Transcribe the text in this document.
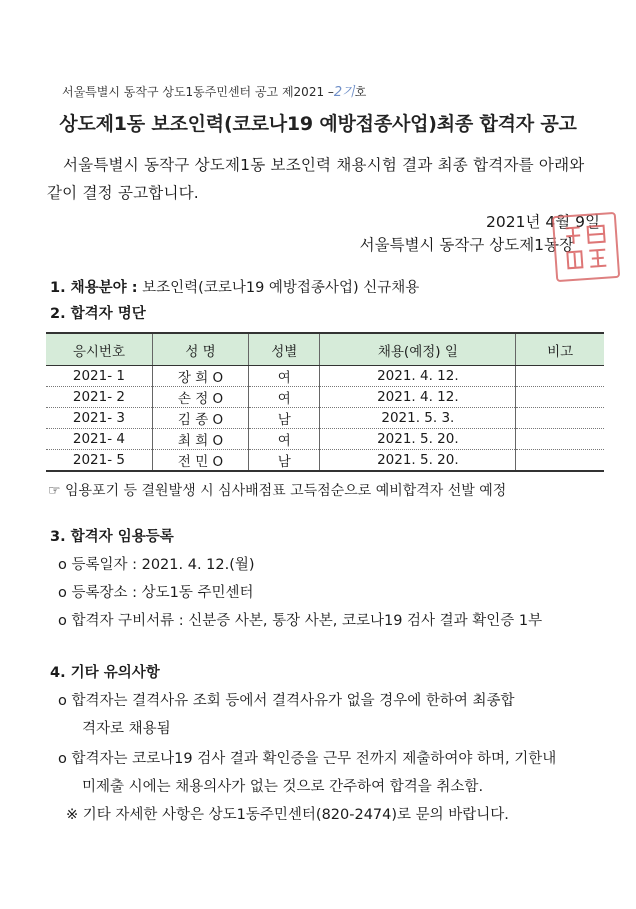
서울특별시 동작구 상도1동주민센터 공고 제2021 –2기호
상도제1동 보조인력(코로나19 예방접종사업)최종 합격자 공고
서울특별시 동작구 상도제1동 보조인력 채용시험 결과 최종 합격자를 아래와
같이 결정 공고합니다.
2021년 4월 9일
서울특별시 동작구 상도제1동장
1. 채용분야 : 보조인력(코로나19 예방접종사업) 신규채용
2. 합격자 명단
응시번호	성 명	성별	채용(예정) 일	비고
2021- 1	장 희 O	여	2021. 4. 12.	
2021- 2	손 정 O	여	2021. 4. 12.	
2021- 3	김 종 O	남	2021. 5. 3.	
2021- 4	최 희 O	여	2021. 5. 20.	
2021- 5	전 민 O	남	2021. 5. 20.	
☞ 임용포기 등 결원발생 시 심사배점표 고득점순으로 예비합격자 선발 예정
3. 합격자 임용등록
o 등록일자 : 2021. 4. 12.(월)
o 등록장소 : 상도1동 주민센터
o 합격자 구비서류 : 신분증 사본, 통장 사본, 코로나19 검사 결과 확인증 1부
4. 기타 유의사항
o 합격자는 결격사유 조회 등에서 결격사유가 없을 경우에 한하여 최종합
격자로 채용됨
o 합격자는 코로나19 검사 결과 확인증을 근무 전까지 제출하여야 하며, 기한내
미제출 시에는 채용의사가 없는 것으로 간주하여 합격을 취소함.
※ 기타 자세한 사항은 상도1동주민센터(820-2474)로 문의 바랍니다.
